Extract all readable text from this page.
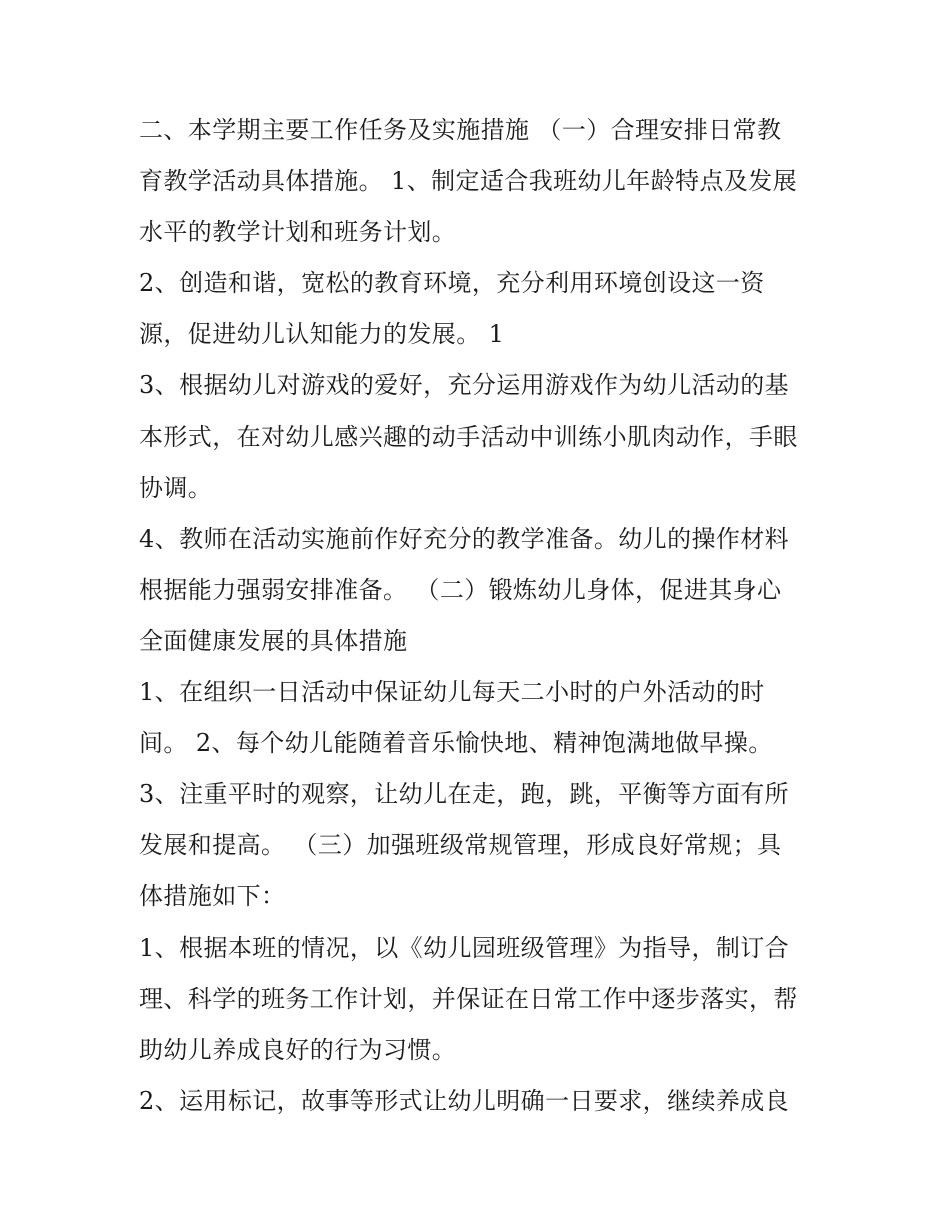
二、本学期主要工作任务及实施措施 （一）合理安排日常教
育教学活动具体措施。 1、制定适合我班幼儿年龄特点及发展
水平的教学计划和班务计划。
2、创造和谐，宽松的教育环境，充分利用环境创设这一资
源，促进幼儿认知能力的发展。 1
3、根据幼儿对游戏的爱好，充分运用游戏作为幼儿活动的基
本形式，在对幼儿感兴趣的动手活动中训练小肌肉动作，手眼
协调。
4、教师在活动实施前作好充分的教学准备。幼儿的操作材料
根据能力强弱安排准备。 （二）锻炼幼儿身体，促进其身心
全面健康发展的具体措施
1、在组织一日活动中保证幼儿每天二小时的户外活动的时
间。 2、每个幼儿能随着音乐愉快地、精神饱满地做早操。
3、注重平时的观察，让幼儿在走，跑，跳，平衡等方面有所
发展和提高。 （三）加强班级常规管理，形成良好常规；具
体措施如下：
1、根据本班的情况，以《幼儿园班级管理》为指导，制订合
理、科学的班务工作计划，并保证在日常工作中逐步落实，帮
助幼儿养成良好的行为习惯。
2、运用标记，故事等形式让幼儿明确一日要求，继续养成良
